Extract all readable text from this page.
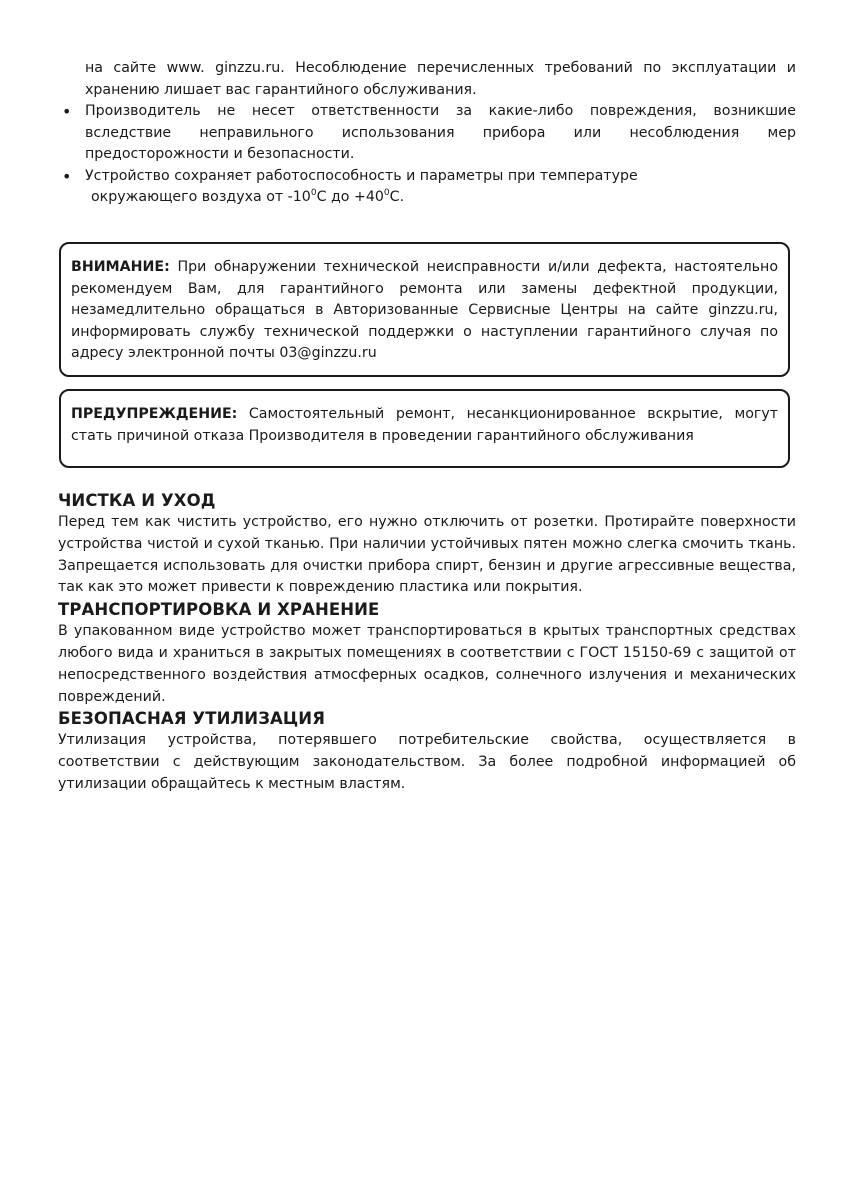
на сайте www. ginzzu.ru. Несоблюдение перечисленных требований по эксплуатации и хранению лишает вас гарантийного обслуживания.

• Производитель не несет ответственности за какие-либо повреждения, возникшие вследствие неправильного использования прибора или несоблюдения мер предосторожности и безопасности.
• Устройство сохраняет работоспособность и параметры при температуре
окружающего воздуха от $-10^0C$ до $+40^0C$.
ВНИМАНИЕ: При обнаружении технической неисправности и/или дефекта, настоятельно рекомендуем Вам, для гарантийного ремонта или замены дефектной продукции, незамедлительно обращаться в Авторизованные Сервисные Центры на сайте ginzzu.ru, информировать службу технической поддержки о наступлении гарантийного случая по адресу электронной почты 03@ginzzu.ru
ПРЕДУПРЕЖДЕНИЕ: Самостоятельный ремонт, несанкционированное вскрытие, могут стать причиной отказа Производителя в проведении гарантийного обслуживания
ЧИСТКА И УХОД

Перед тем как чистить устройство, его нужно отключить от розетки. Протирайте поверхности устройства чистой и сухой тканью. При наличии устойчивых пятен можно слегка смочить ткань. Запрещается использовать для очистки прибора спирт, бензин и другие агрессивные вещества, так как это может привести к повреждению пластика или покрытия.

ТРАНСПОРТИРОВКА И ХРАНЕНИЕ

В упакованном виде устройство может транспортироваться в крытых транспортных средствах любого вида и храниться в закрытых помещениях в соответствии с ГОСТ 15150-69 с защитой от непосредственного воздействия атмосферных осадков, солнечного излучения и механических повреждений.

БЕЗОПАСНАЯ УТИЛИЗАЦИЯ

Утилизация устройства, потерявшего потребительские свойства, осуществляется в соответствии с действующим законодательством. За более подробной информацией об утилизации обращайтесь к местным властям.
